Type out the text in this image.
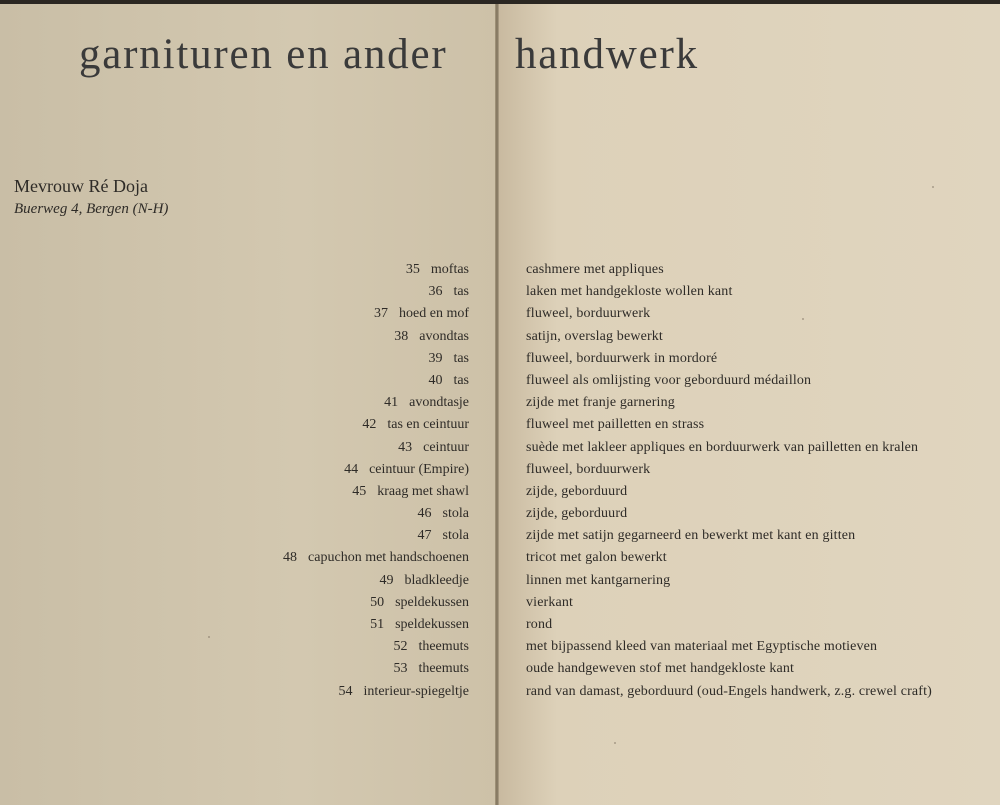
garnituren en ander handwerk

Mevrouw Ré Doja

Buerweg 4, Bergen (N-H)

35 moftas
36 tas
37 hoed en mof
38 avondtas
39 tas
40 tas
41 avondtasje
42 tas en ceintuur
43 ceintuur
44 ceintuur (Empire)
45 kraag met shawl
46 stola
47 stola
48 capuchon met handschoenen
49 bladkleedje
50 speldekussen
51 speldekussen
52 theemuts
53 theemuts
54 interieur-spiegeltje
cashmere met appliques
laken met handgekloste wollen kant
fluweel, borduurwerk
satijn, overslag bewerkt
fluweel, borduurwerk in mordoré
fluweel als omlijsting voor geborduurd médaillon
zijde met franje garnering
fluweel met pailletten en strass
suède met lakleer appliques en borduurwerk van pailletten en kralen
fluweel, borduurwerk
zijde, geborduurd
zijde, geborduurd
zijde met satijn gegarneerd en bewerkt met kant en gitten
tricot met galon bewerkt
linnen met kantgarnering
vierkant
rond
met bijpassend kleed van materiaal met Egyptische motieven
oude handgeweven stof met handgekloste kant
rand van damast, geborduurd (oud-Engels handwerk, z.g. crewel craft)
